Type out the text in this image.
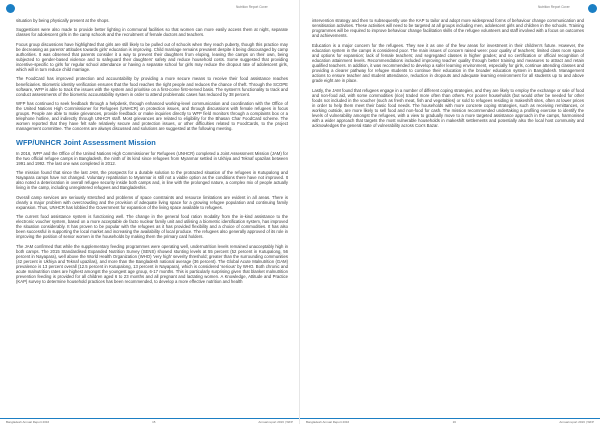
Nutrition Report Cover

situation by being physically present at the shops.

Suggestions were also made to provide better lighting in communal facilities so that women can more easily access them at night, separate classes for adolescent girls in the camp schools and the recruitment of female doctors and teachers.

Focus group discussions have highlighted that girls are still likely to be pulled out of schools when they reach puberty, though this practice may be decreasing as parents' attitudes towards girls' education is improving. Child marriage remains prevalent despite it being discouraged by camp authorities. It was observed that parents consider it a way to prevent their daughters from eloping, leaving the camps on their own, being subjected to gender-based violence and to safeguard their daughters' safety and reduce household costs. Some suggested that providing incentive-specific to girls for regular school attendance or having a separate school for girls may reduce the dropout rate of adolescent girls, which will in turn reduce child marriage.

The FoodCard has improved protection and accountability by providing a more secure means to receive their food assistance reaches beneficiaries. Biometric identity verification ensures that the food reaches the right people and reduces the chance of theft. Through the SCOPE software, WFP is able to track the issues with the system and prioritise on a first-come first-served basis. The system’s functionality to track and conduct assessments of the biometric accountability system in order to attend problematic cases has reduced by 38 percent.

WFP has continued to seek feedback through a helpdesk, through enhanced working-level communication and coordination with the Office of the United Nations High Commissioner for Refugees (UNHCR) on protection issues, and through discussions with female refugees in focus groups. People are able to make grievances, provide feedback or make inquiries directly to WFP field monitors through a complaints box or a telephone hotline, and indirectly through UNHCR staff. Most grievances are related to eligibility for the Bhasan Char FoodCard scheme. The women reported that they have felt safe relatively secure and protection issues, or other difficulties related to FoodCards, to the project management committee. The concerns are always discussed and solutions are suggested at the following meeting.

WFP/UNHCR Joint Assessment Mission

In 2016, WFP and the Office of the United Nations High Commissioner for Refugees (UNHCR) completed a Joint Assessment Mission (JAM) for the two official refugee camps in Bangladesh, the ninth of its kind since refugees from Myanmar settled in Ukhiya and Teknaf upazilas between 1991 and 1992. The last one was completed in 2012.

The mission found that since the last JAM, the prospects for a durable solution to the protracted situation of the refugees in Kutupalong and Nayapara camps have not changed. Voluntary repatriation to Myanmar is still not a viable option as the conditions there have not improved. It also noted a deterioration in overall refugee security inside both camps and, in line with the prolonged nature, a complex mix of people actually living in the camp, including unregistered refugees and Bangladeshis.

Overall camp services are seriously stretched and problems of space constraints and resource limitations are evident in all areas. There is clearly a major problem with overcrowding and the provision of adequate living space for a growing refugee population and continuing family expansion. Thus, UNHCR has lobbied the Government for expansion of the living space available to refugees.

The current food assistance system is functioning well. The change in the general food ration modality from the in-kind assistance to the electronic voucher system, based on a more acceptable de facto nuclear family unit and utilising a biometric identification system, has improved the situation considerably. It has proven to be popular with the refugees as it has provided flexibility and a choice of commodities. It has also been successful in supporting the local market and increasing the availability of local produce. The refugees also generally approved of its role in improving the position of senior women in the households by making them the primary card holders.

The JAM confirmed that while the supplementary feeding programmes were operating well, undernutrition levels remained unacceptably high in both camps. The 2015 Standardised Expanded Nutrition Survey (SENS) showed stunting levels at 55 percent (52 percent in Kutupalong, 56 percent in Nayapara), well above the World Health Organization (WHO) 'very high' severity threshold; greater than the surrounding communities (42 percent in Ukhiya and Teknaf upazilas), and more than the Bangladesh national average (36 percent). The Global Acute Malnutrition (GAM) prevalence is 13 percent overall (12.5 percent in Kutupalong, 13 percent in Nayapara), which is considered 'serious' by WHO. Both chronic and acute malnutrition rates are highest amongst the youngest age group, 6-17 months. This is particularly surprising given that blanket malnutrition prevention feeding is provided for all children aged 6 to 23 months and all pregnant and lactating women. A Knowledge, Attitude and Practice (KAP) survey to determine household practices has been recommended, to develop a more effective nutrition and health

Bangladesh Annual Report 2016	15	Annual report 2016 | WFP
Nutrition Report Cover

intervention strategy and then to subsequently use the KAP to tailor and adopt more widespread forms of behaviour change communication and sensitisation activities. These activities will need to be targeted at all groups including men, adolescent girls and children in the schools. Training programmes will be required to improve behaviour change facilitation skills of the refugee volunteers and staff involved with a focus on outcomes and achievements.

Education is a major concern for the refugees. They see it as one of the few areas for investment in their children's future. However, the education system in the camps is considered poor. The main issues of concern raised were: poor quality of teachers; limited class room space and options for expansion; lack of female teachers; and segregated classes in higher grades; and no certification or official recognition of education attainment levels. Recommendations included improving teacher quality through better training and measures to attract and retain qualified teachers. In addition, it was recommended to develop a safer learning environment, especially for girls, continue attending classes and providing a clearer pathway for refugee students to continue their education in the broader education system in Bangladesh. Management actions to ensure teacher and student attendance, reduction in dropouts and adequate learning environment for all students up to and above grade eight are in place.

Lastly, the JAM found that refugees engage in a number of different coping strategies, and they are likely to employ the exchange or sale of food and non-food aid, with some commodities (rice) traded more often than others. For poorer households (but would other be needed for other foods not included in the voucher (such as fresh meat, fish and vegetables) or sold to refugees residing in makeshift sites, often at lower prices in order to help them meet their basic food needs. The households with more concrete coping strategies, such as receiving remittances, or working outside, are more likely to sell food and non-food for cash. The mission recommended undertaking a profiling exercise to identify the levels of vulnerability amongst the refugees, with a view to gradually move to a more targeted assistance approach in the camps, harmonised with a wider approach that targets the most vulnerable households in makeshift settlements and potentially also the local host community and acknowledges the general state of vulnerability across Cox's Bazar.

Bangladesh Annual Report 2016	16	Annual report 2016 | WFP
